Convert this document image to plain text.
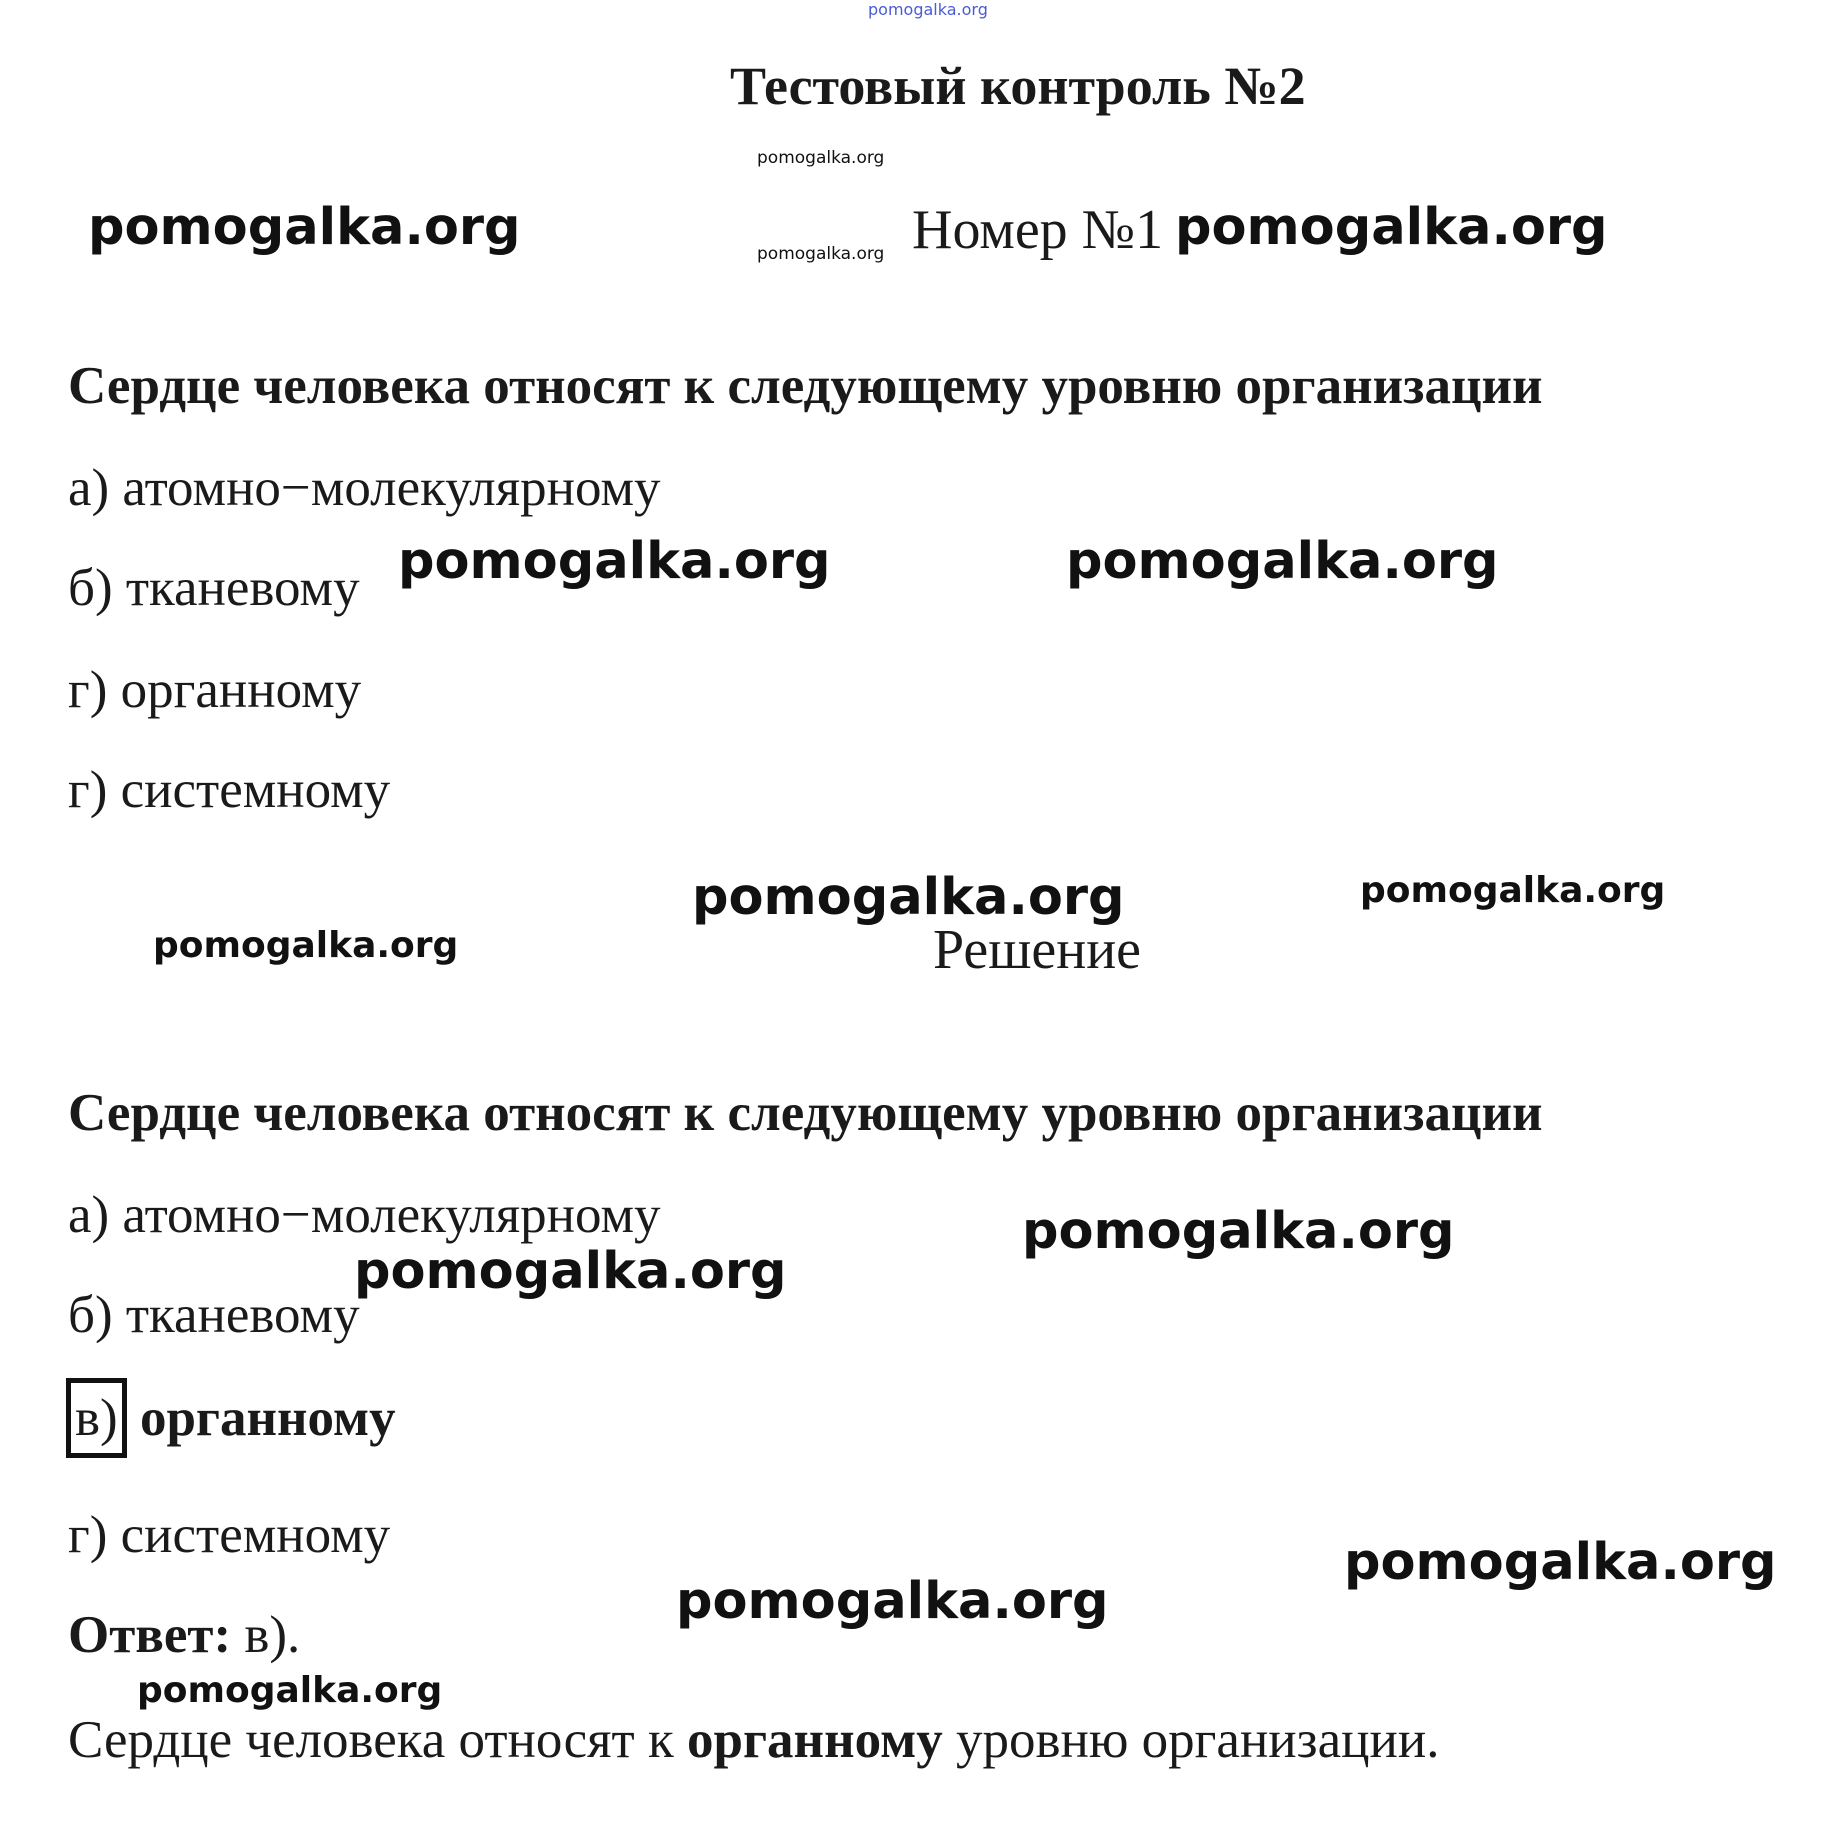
pomogalka.org
Тестовый контроль №2
pomogalka.org
pomogalka.org
pomogalka.org	Номер №1 pomogalka.org
Сердце человека относят к следующему уровню организации
а) атомно−молекулярному
б) тканевому pomogalka.org	pomogalka.org
г) органному
г) системному
pomogalka.org	pomogalka.org
pomogalka.org	Решение
Сердце человека относят к следующему уровню организации
а) атомно−молекулярному	pomogalka.org
б) тканевому
pomogalka.org
в) органному
г) системному	pomogalka.org
pomogalka.org
Ответ: в).
pomogalka.org
Сердце человека относят к органному уровню организации.
